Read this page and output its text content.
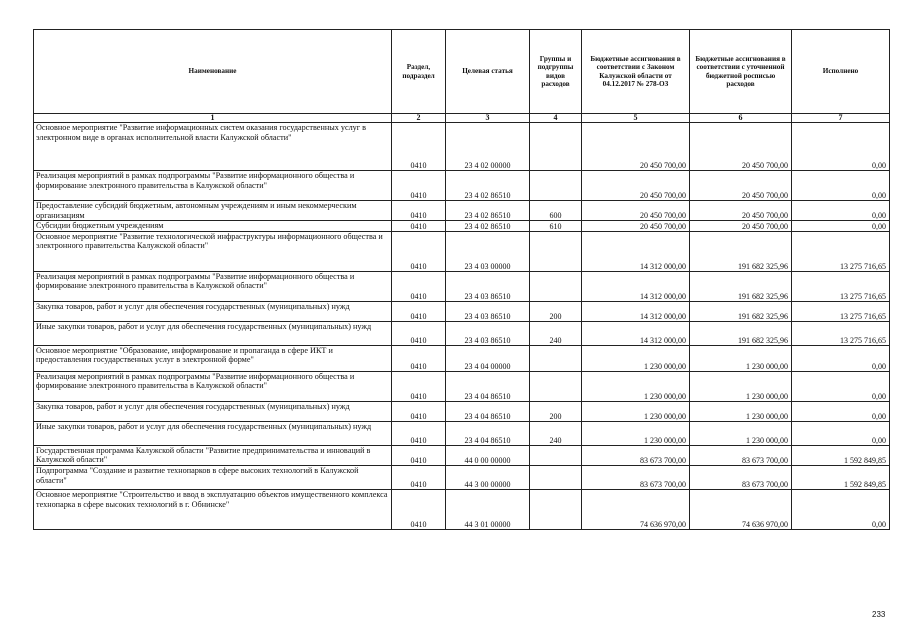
Наименование	Раздел, подраздел	Целевая статья	Группы и подгруппы видов расходов	Бюджетные ассигнования в соответствии с Законом Калужской области от 04.12.2017 № 278-ОЗ	Бюджетные ассигнования в соответствии с уточненной бюджетной росписью расходов	Исполнено
1	2	3	4	5	6	7
Основное мероприятие "Развитие информационных систем оказания государственных услуг в электронном виде в органах исполнительной власти Калужской области"	0410	23 4 02 00000		20 450 700,00	20 450 700,00	0,00
Реализация мероприятий в рамках подпрограммы "Развитие информационного общества и формирование электронного правительства в Калужской области"	0410	23 4 02 86510		20 450 700,00	20 450 700,00	0,00
Предоставление субсидий бюджетным, автономным учреждениям и иным некоммерческим организациям	0410	23 4 02 86510	600	20 450 700,00	20 450 700,00	0,00
Субсидии бюджетным учреждениям	0410	23 4 02 86510	610	20 450 700,00	20 450 700,00	0,00
Основное мероприятие "Развитие технологической инфраструктуры информационного общества и электронного правительства Калужской области"	0410	23 4 03 00000		14 312 000,00	191 682 325,96	13 275 716,65
Реализация мероприятий в рамках подпрограммы "Развитие информационного общества и формирование электронного правительства в Калужской области"	0410	23 4 03 86510		14 312 000,00	191 682 325,96	13 275 716,65
Закупка товаров, работ и услуг для обеспечения государственных (муниципальных) нужд	0410	23 4 03 86510	200	14 312 000,00	191 682 325,96	13 275 716,65
Иные закупки товаров, работ и услуг для обеспечения государственных (муниципальных) нужд	0410	23 4 03 86510	240	14 312 000,00	191 682 325,96	13 275 716,65
Основное мероприятие "Образование, информирование и пропаганда в сфере ИКТ и предоставления государственных услуг в электронной форме"	0410	23 4 04 00000		1 230 000,00	1 230 000,00	0,00
Реализация мероприятий в рамках подпрограммы "Развитие информационного общества и формирование электронного правительства в Калужской области"	0410	23 4 04 86510		1 230 000,00	1 230 000,00	0,00
Закупка товаров, работ и услуг для обеспечения государственных (муниципальных) нужд	0410	23 4 04 86510	200	1 230 000,00	1 230 000,00	0,00
Иные закупки товаров, работ и услуг для обеспечения государственных (муниципальных) нужд	0410	23 4 04 86510	240	1 230 000,00	1 230 000,00	0,00
Государственная программа Калужской области "Развитие предпринимательства и инноваций в Калужской области"	0410	44 0 00 00000		83 673 700,00	83 673 700,00	1 592 849,85
Подпрограмма "Создание и развитие технопарков в сфере высоких технологий в Калужской области"	0410	44 3 00 00000		83 673 700,00	83 673 700,00	1 592 849,85
Основное мероприятие "Строительство и ввод в эксплуатацию объектов имущественного комплекса технопарка в сфере высоких технологий в г. Обнинске"	0410	44 3 01 00000		74 636 970,00	74 636 970,00	0,00
233
